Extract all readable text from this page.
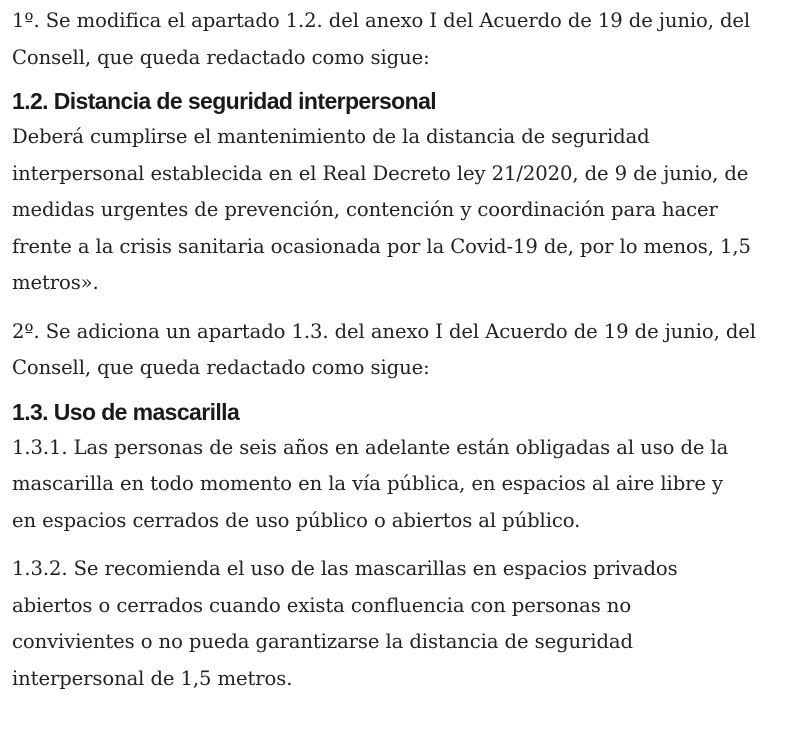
1º. Se modifica el apartado 1.2. del anexo I del Acuerdo de 19 de junio, del
Consell, que queda redactado como sigue:

1.2. Distancia de seguridad interpersonal

Deberá cumplirse el mantenimiento de la distancia de seguridad
interpersonal establecida en el Real Decreto ley 21/2020, de 9 de junio, de
medidas urgentes de prevención, contención y coordinación para hacer
frente a la crisis sanitaria ocasionada por la Covid-19 de, por lo menos, 1,5
metros».

2º. Se adiciona un apartado 1.3. del anexo I del Acuerdo de 19 de junio, del
Consell, que queda redactado como sigue:

1.3. Uso de mascarilla

1.3.1. Las personas de seis años en adelante están obligadas al uso de la
mascarilla en todo momento en la vía pública, en espacios al aire libre y
en espacios cerrados de uso público o abiertos al público.

1.3.2. Se recomienda el uso de las mascarillas en espacios privados
abiertos o cerrados cuando exista confluencia con personas no
convivientes o no pueda garantizarse la distancia de seguridad
interpersonal de 1,5 metros.
